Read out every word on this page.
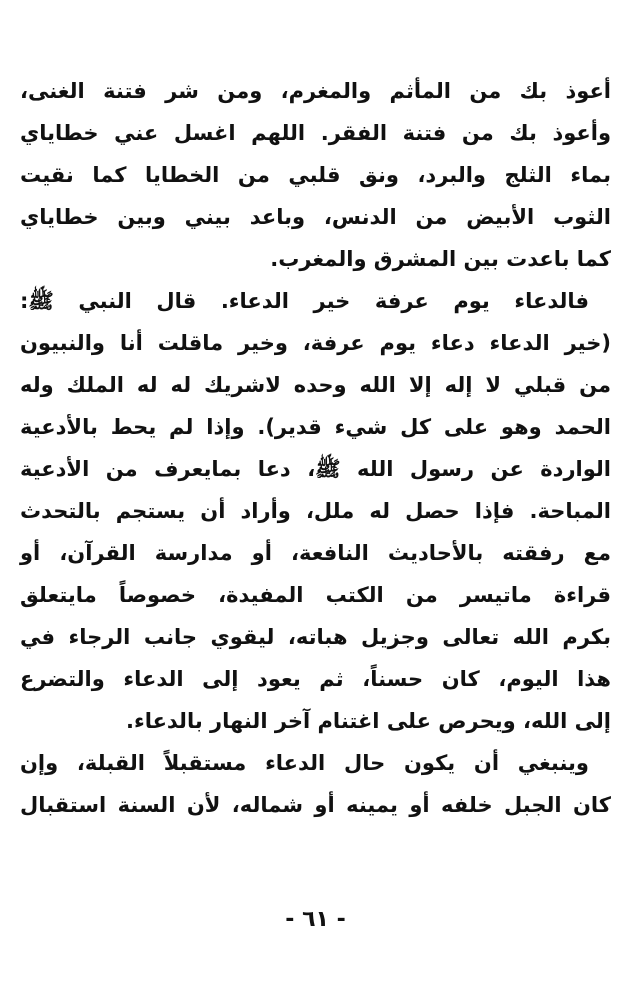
أعوذ بك من المأثم والمغرم، ومن شر فتنة الغنى،
وأعوذ بك من فتنة الفقر. اللهم اغسل عني خطاياي
بماء الثلج والبرد، ونق قلبي من الخطايا كما نقيت
الثوب الأبيض من الدنس، وباعد بيني وبين خطاياي
كما باعدت بين المشرق والمغرب.
فالدعاء يوم عرفة خير الدعاء. قال النبي ﷺ:
(خير الدعاء دعاء يوم عرفة، وخير ماقلت أنا والنبيون
من قبلي لا إله إلا الله وحده لاشريك له له الملك وله
الحمد وهو على كل شيء قدير). وإذا لم يحط بالأدعية
الواردة عن رسول الله ﷺ، دعا بمايعرف من الأدعية
المباحة. فإذا حصل له ملل، وأراد أن يستجم بالتحدث
مع رفقته بالأحاديث النافعة، أو مدارسة القرآن، أو
قراءة ماتيسر من الكتب المفيدة، خصوصاً مايتعلق
بكرم الله تعالى وجزيل هباته، ليقوي جانب الرجاء في
هذا اليوم، كان حسناً، ثم يعود إلى الدعاء والتضرع
إلى الله، ويحرص على اغتنام آخر النهار بالدعاء.
وينبغي أن يكون حال الدعاء مستقبلاً القبلة، وإن
كان الجبل خلفه أو يمينه أو شماله، لأن السنة استقبال
- ٦١ -
